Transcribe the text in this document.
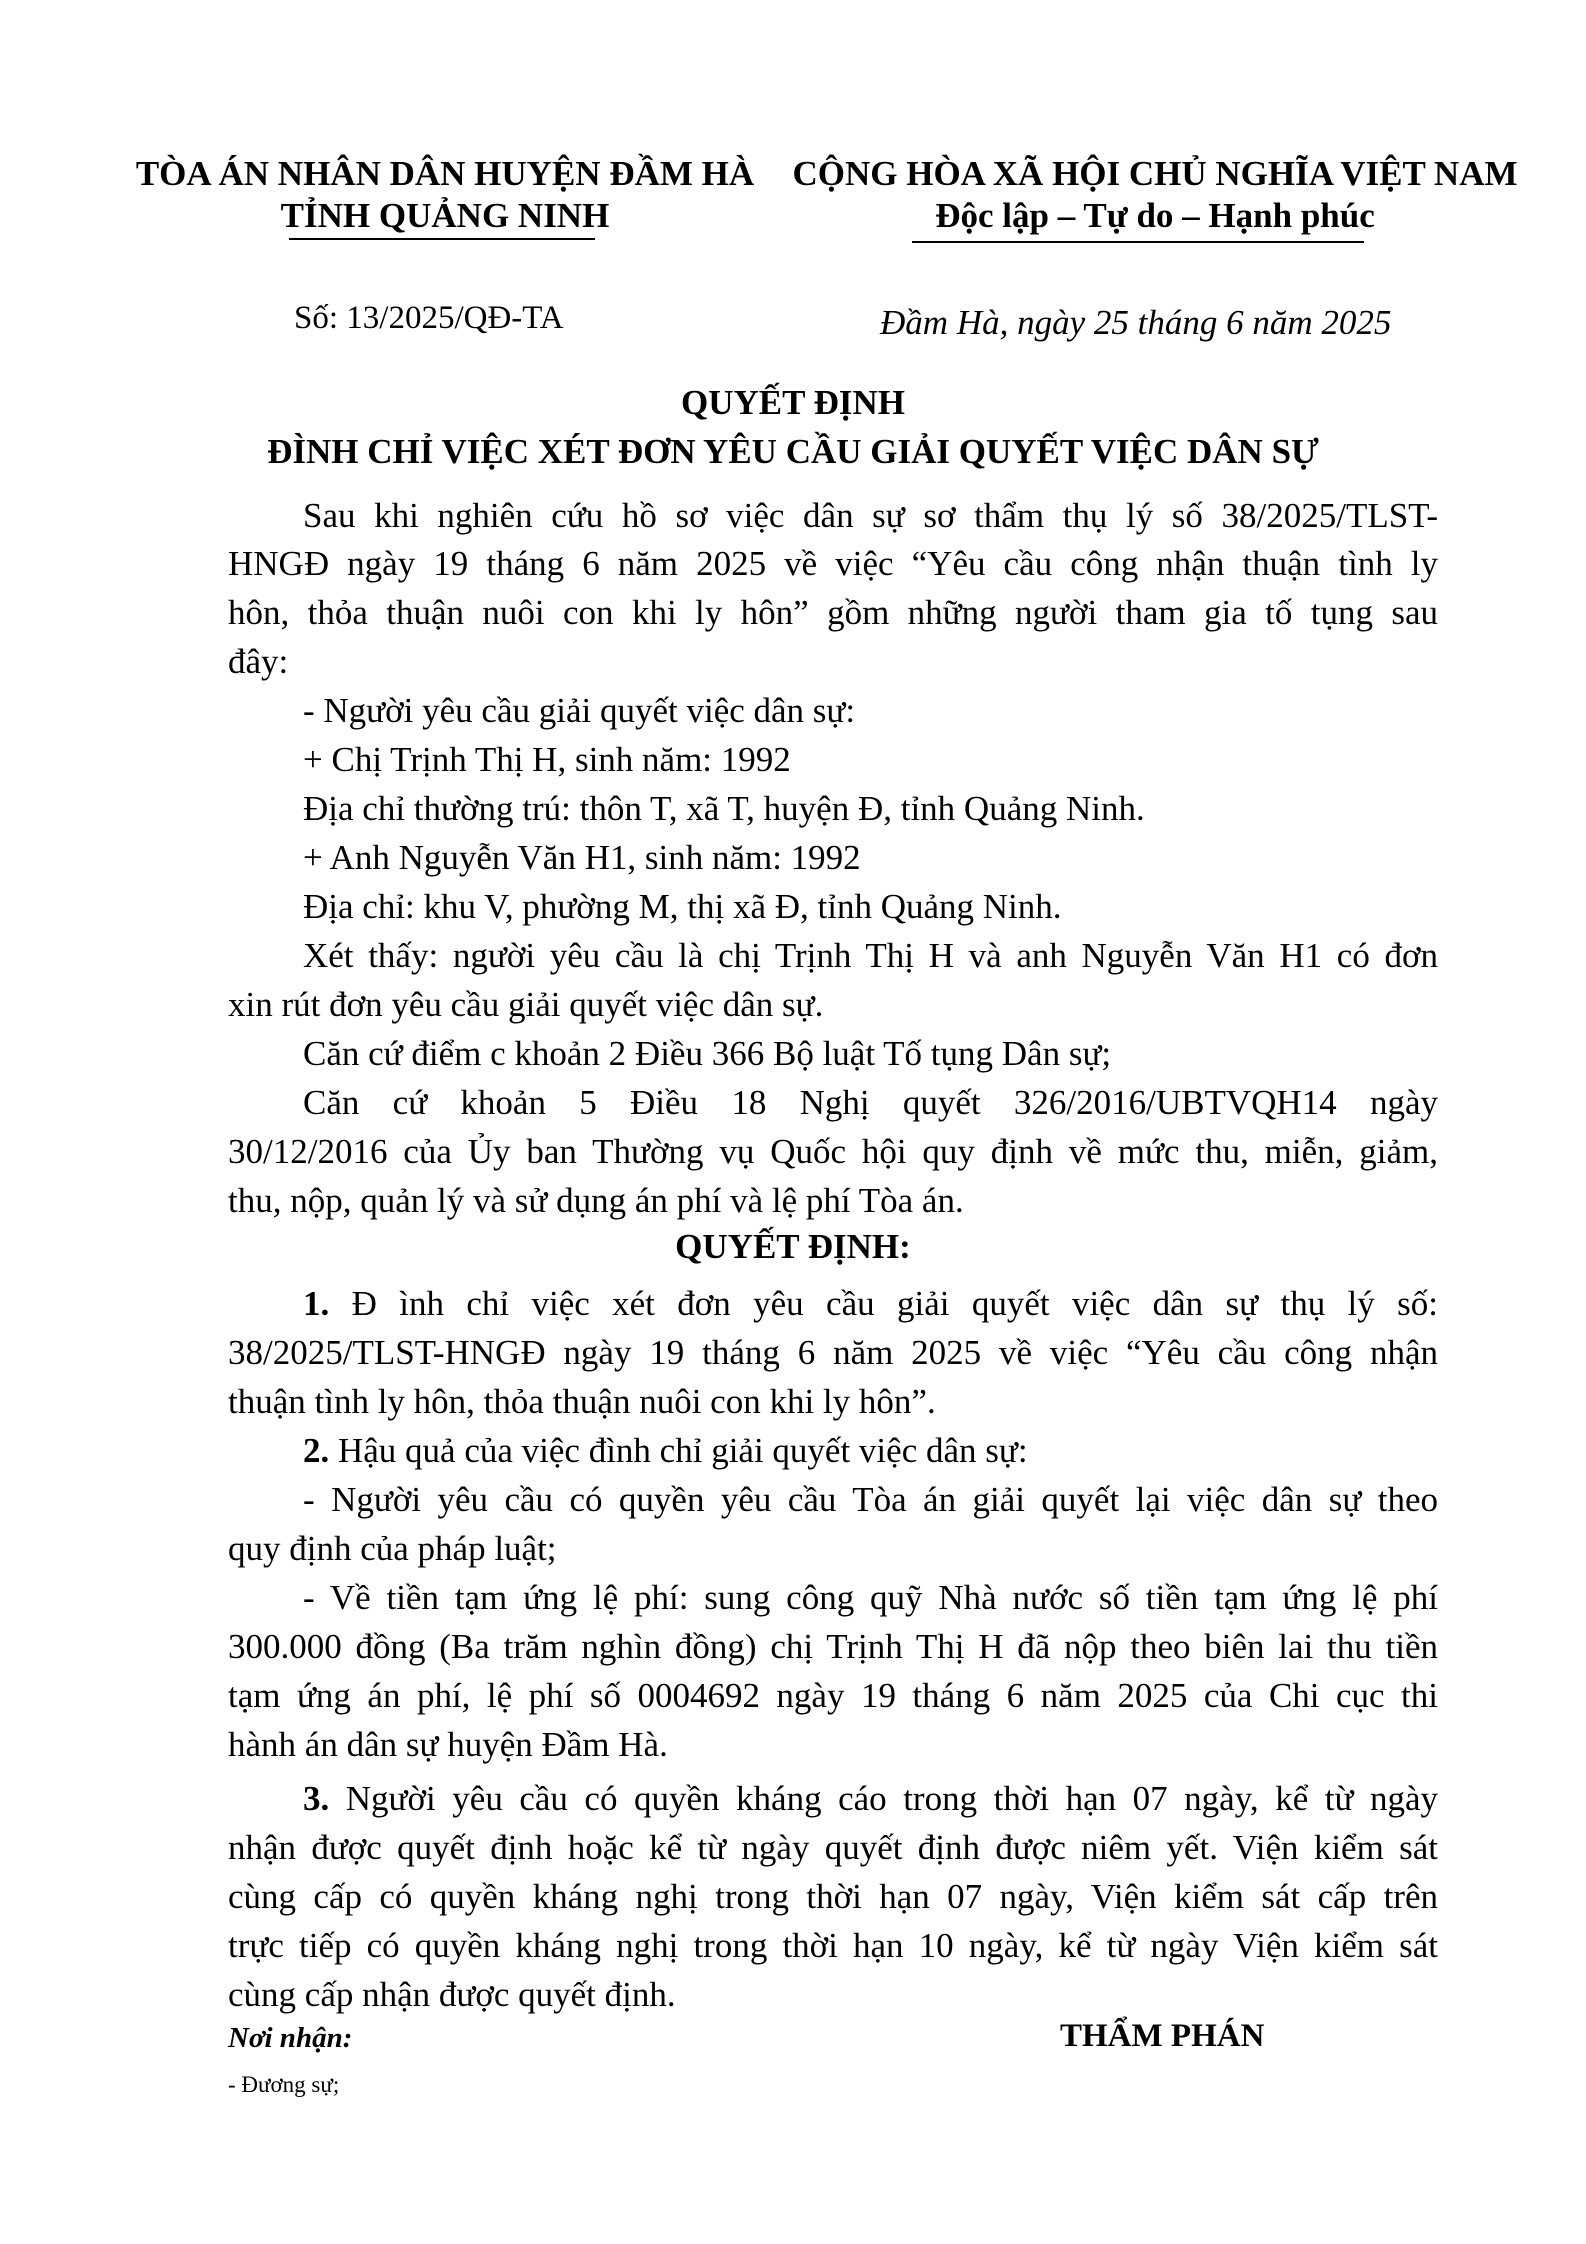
TÒA ÁN NHÂN DÂN HUYỆN ĐẦM HÀ
TỈNH QUẢNG NINH
CỘNG HÒA XÃ HỘI CHỦ NGHĨA VIỆT NAM
Độc lập – Tự do – Hạnh phúc
Số: 13/2025/QĐ-TA	Đầm Hà, ngày 25 tháng 6 năm 2025
QUYẾT ĐỊNH
ĐÌNH CHỈ VIỆC XÉT ĐƠN YÊU CẦU GIẢI QUYẾT VIỆC DÂN SỰ
Sau khi nghiên cứu hồ sơ việc dân sự sơ thẩm thụ lý số 38/2025/TLST-
HNGĐ ngày 19 tháng 6 năm 2025 về việc “Yêu cầu công nhận thuận tình ly
hôn, thỏa thuận nuôi con khi ly hôn” gồm những người tham gia tố tụng sau
đây:
- Người yêu cầu giải quyết việc dân sự:
+ Chị Trịnh Thị H, sinh năm: 1992
Địa chỉ thường trú: thôn T, xã T, huyện Đ, tỉnh Quảng Ninh.
+ Anh Nguyễn Văn H1, sinh năm: 1992
Địa chỉ: khu V, phường M, thị xã Đ, tỉnh Quảng Ninh.
Xét thấy: người yêu cầu là chị Trịnh Thị H và anh Nguyễn Văn H1 có đơn
xin rút đơn yêu cầu giải quyết việc dân sự.
Căn cứ điểm c khoản 2 Điều 366 Bộ luật Tố tụng Dân sự;
Căn cứ khoản 5 Điều 18 Nghị quyết 326/2016/UBTVQH14 ngày
30/12/2016 của Ủy ban Thường vụ Quốc hội quy định về mức thu, miễn, giảm,
thu, nộp, quản lý và sử dụng án phí và lệ phí Tòa án.
QUYẾT ĐỊNH:
1. Đ ình chỉ việc xét đơn yêu cầu giải quyết việc dân sự thụ lý số:
38/2025/TLST-HNGĐ ngày 19 tháng 6 năm 2025 về việc “Yêu cầu công nhận
thuận tình ly hôn, thỏa thuận nuôi con khi ly hôn”.
2. Hậu quả của việc đình chỉ giải quyết việc dân sự:
- Người yêu cầu có quyền yêu cầu Tòa án giải quyết lại việc dân sự theo
quy định của pháp luật;
- Về tiền tạm ứng lệ phí: sung công quỹ Nhà nước số tiền tạm ứng lệ phí
300.000 đồng (Ba trăm nghìn đồng) chị Trịnh Thị H đã nộp theo biên lai thu tiền
tạm ứng án phí, lệ phí số 0004692 ngày 19 tháng 6 năm 2025 của Chi cục thi
hành án dân sự huyện Đầm Hà.
3. Người yêu cầu có quyền kháng cáo trong thời hạn 07 ngày, kể từ ngày
nhận được quyết định hoặc kể từ ngày quyết định được niêm yết. Viện kiểm sát
cùng cấp có quyền kháng nghị trong thời hạn 07 ngày, Viện kiểm sát cấp trên
trực tiếp có quyền kháng nghị trong thời hạn 10 ngày, kể từ ngày Viện kiểm sát
cùng cấp nhận được quyết định.
Nơi nhận:
- Đương sự;
THẨM PHÁN
